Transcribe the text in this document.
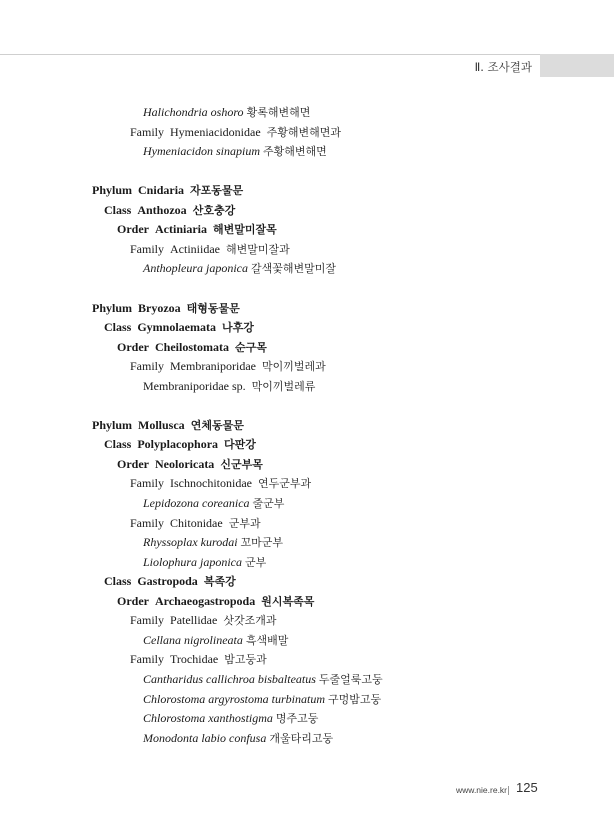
Ⅱ. 조사결과
Halichondria oshoro 황록해변해면
Family Hymeniacidonidae 주황해변해면과
Hymeniacidon sinapium 주황해변해면
Phylum Cnidaria 자포동물문
Class Anthozoa 산호충강
Order Actiniaria 해변말미잘목
Family Actiniidae 해변말미잘과
Anthopleura japonica 갈색꽃해변말미잘
Phylum Bryozoa 태형동물문
Class Gymnolaemata 나후강
Order Cheilostomata 순구목
Family Membraniporidae 막이끼벌레과
Membraniporidae sp. 막이끼벌레류
Phylum Mollusca 연체동물문
Class Polyplacophora 다판강
Order Neoloricata 신군부목
Family Ischnochitonidae 연두군부과
Lepidozona coreanica 줄군부
Family Chitonidae 군부과
Rhyssoplax kurodai 꼬마군부
Liolophura japonica 군부
Class Gastropoda 복족강
Order Archaeogastropoda 원시복족목
Family Patellidae 삿갓조개과
Cellana nigrolineata 흑색배말
Family Trochidae 밤고둥과
Cantharidus callichroa bisbalteatus 두줄얼룩고둥
Chlorostoma argyrostoma turbinatum 구멍밤고둥
Chlorostoma xanthostigma 명주고둥
Monodonta labio confusa 개울타리고둥
www.nie.re.kr 125
